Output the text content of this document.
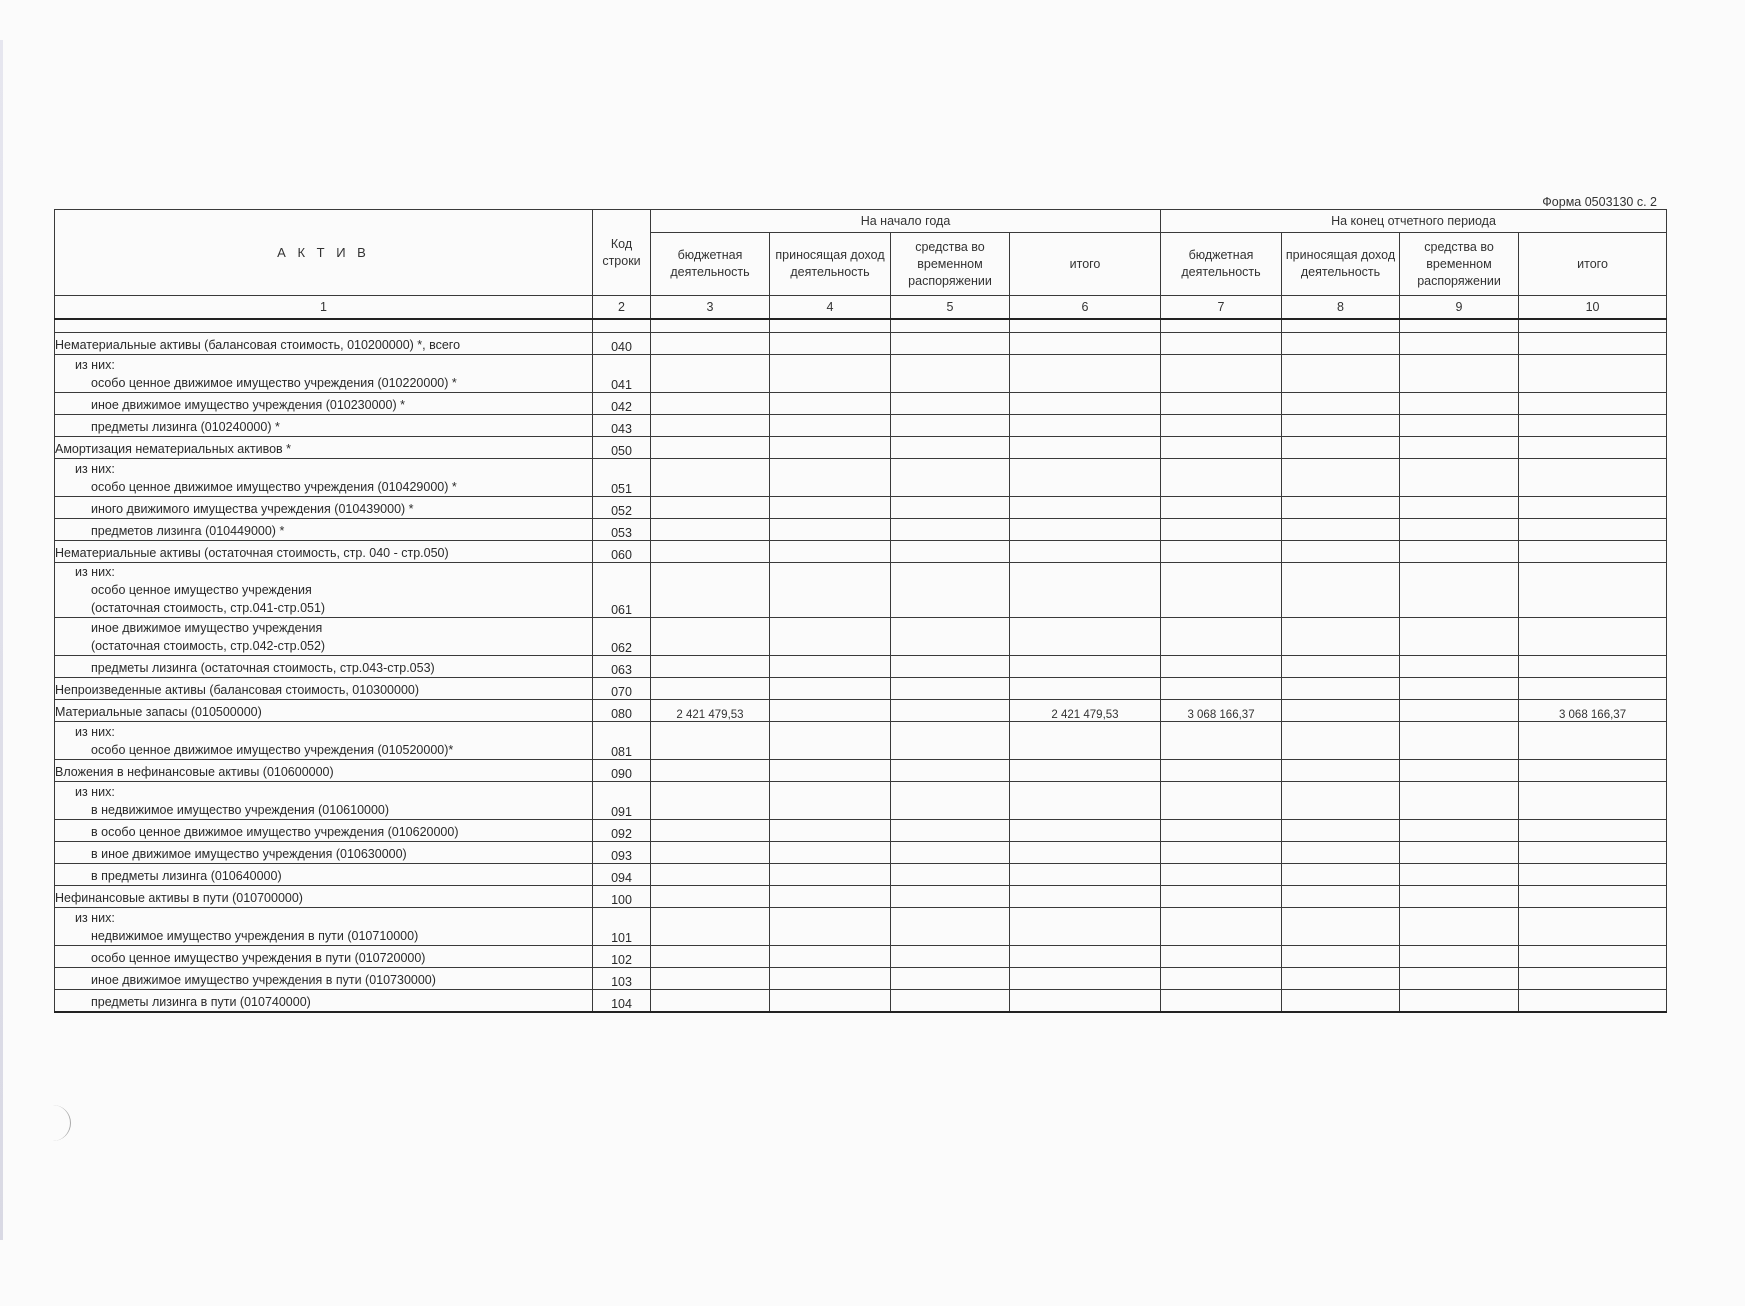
Форма 0503130 с. 2
А К Т И В	Код строки	На начало года				На конец отчетного периода			
		бюджетная деятельность	приносящая доход деятельность	средства во временном распоряжении	итого	бюджетная деятельность	приносящая доход деятельность	средства во временном распоряжении	итого
1	2	3	4	5	6	7	8	9	10

Нематериальные активы (балансовая стоимость, 010200000) *, всего	040								

из них:
особо ценное движимое имущество учреждения (010220000) *	041								

иное движимое имущество учреждения (010230000) *	042								

предметы лизинга (010240000) *	043								

Амортизация нематериальных активов *	050								

из них:
особо ценное движимое имущество учреждения (010429000) *	051								

иного движимого имущества учреждения (010439000) *	052								

предметов лизинга (010449000) *	053								

Нематериальные активы (остаточная стоимость, стр. 040 - стр.050)	060								

из них:
особо ценное имущество учреждения
(остаточная стоимость, стр.041-стр.051)	061								

иное движимое имущество учреждения
(остаточная стоимость, стр.042-стр.052)	062								

предметы лизинга (остаточная стоимость, стр.043-стр.053)	063								

Непроизведенные активы (балансовая стоимость, 010300000)	070								

Материальные запасы (010500000)	080	2 421 479,53			2 421 479,53	3 068 166,37			3 068 166,37

из них:
особо ценное движимое имущество учреждения (010520000)*	081								

Вложения в нефинансовые активы (010600000)	090								

из них:
в недвижимое имущество учреждения (010610000)	091								

в особо ценное движимое имущество учреждения (010620000)	092								

в иное движимое имущество учреждения (010630000)	093								

в предметы лизинга (010640000)	094								

Нефинансовые активы в пути (010700000)	100								

из них:
недвижимое имущество учреждения в пути (010710000)	101								

особо ценное имущество учреждения в пути (010720000)	102								

иное движимое имущество учреждения в пути (010730000)	103								

предметы лизинга в пути (010740000)	104								
